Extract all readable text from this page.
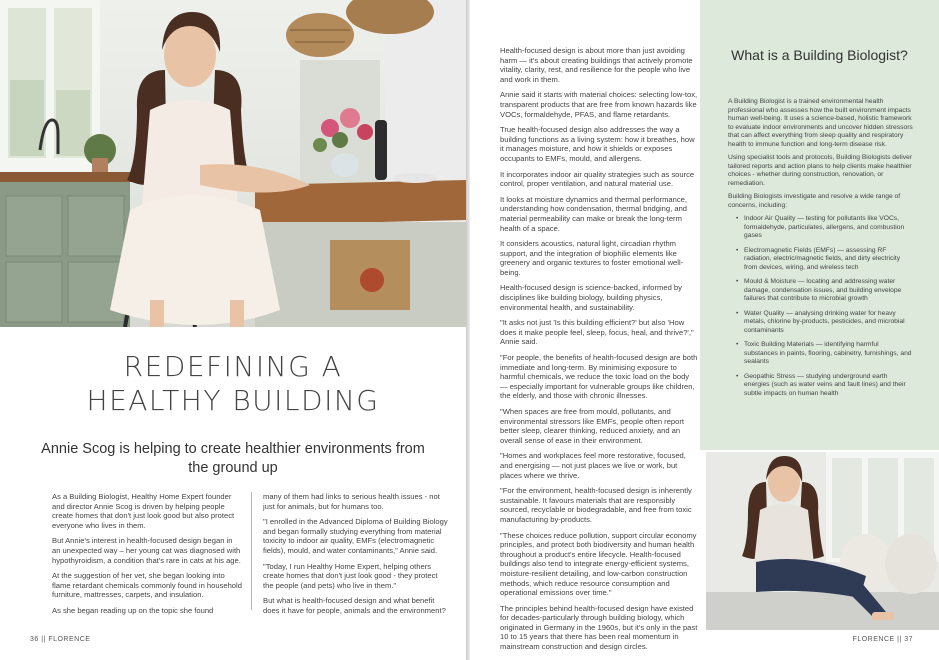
REDEFINING A
HEALTHY BUILDING
Annie Scog is helping to create healthier environments from the ground up

As a Building Biologist, Healthy Home Expert founder and director Annie Scog is driven by helping people create homes that don't just look good but also protect everyone who lives in them.

But Annie's interest in health-focused design began in an unexpected way – her young cat was diagnosed with hypothyroidism, a condition that's rare in cats at his age.

At the suggestion of her vet, she began looking into flame retardant chemicals commonly found in household furniture, mattresses, carpets, and insulation.

As she began reading up on the topic she found

many of them had links to serious health issues - not just for animals, but for humans too.

"I enrolled in the Advanced Diploma of Building Biology and began formally studying everything from material toxicity to indoor air quality, EMFs (electromagnetic fields), mould, and water contaminants," Annie said.

"Today, I run Healthy Home Expert, helping others create homes that don't just look good - they protect the people (and pets) who live in them."

But what is health-focused design and what benefit does it have for people, animals and the environment?

36 || FLORENCE

Health-focused design is about more than just avoiding harm — it's about creating buildings that actively promote vitality, clarity, rest, and resilience for the people who live and work in them.

Annie said it starts with material choices: selecting low-tox, transparent products that are free from known hazards like VOCs, formaldehyde, PFAS, and flame retardants.

True health-focused design also addresses the way a building functions as a living system: how it breathes, how it manages moisture, and how it shields or exposes occupants to EMFs, mould, and allergens.

It incorporates indoor air quality strategies such as source control, proper ventilation, and natural material use.

It looks at moisture dynamics and thermal performance, understanding how condensation, thermal bridging, and material permeability can make or break the long-term health of a space.

It considers acoustics, natural light, circadian rhythm support, and the integration of biophilic elements like greenery and organic textures to foster emotional well-being.

Health-focused design is science-backed, informed by disciplines like building biology, building physics, environmental health, and sustainability.

"It asks not just 'Is this building efficient?' but also 'How does it make people feel, sleep, focus, heal, and thrive?'," Annie said.

"For people, the benefits of health-focused design are both immediate and long-term. By minimising exposure to harmful chemicals, we reduce the toxic load on the body — especially important for vulnerable groups like children, the elderly, and those with chronic illnesses.

"When spaces are free from mould, pollutants, and environmental stressors like EMFs, people often report better sleep, clearer thinking, reduced anxiety, and an overall sense of ease in their environment.

"Homes and workplaces feel more restorative, focused, and energising — not just places we live or work, but places where we thrive.

"For the environment, health-focused design is inherently sustainable. It favours materials that are responsibly sourced, recyclable or biodegradable, and free from toxic manufacturing by-products.

"These choices reduce pollution, support circular economy principles, and protect both biodiversity and human health throughout a product's entire lifecycle. Health-focused buildings also tend to integrate energy-efficient systems, moisture-resilient detailing, and low-carbon construction methods, which reduce resource consumption and operational emissions over time."

The principles behind health-focused design have existed for decades-particularly through building biology, which originated in Germany in the 1960s, but it's only in the past 10 to 15 years that there has been real momentum in mainstream construction and design circles.

What is a Building Biologist?

A Building Biologist is a trained environmental health professional who assesses how the built environment impacts human well-being. It uses a science-based, holistic framework to evaluate indoor environments and uncover hidden stressors that can affect everything from sleep quality and respiratory health to immune function and long-term disease risk.

Using specialist tools and protocols, Building Biologists deliver tailored reports and action plans to help clients make healthier choices - whether during construction, renovation, or remediation.

Building Biologists investigate and resolve a wide range of concerns, including:

• Indoor Air Quality — testing for pollutants like VOCs, formaldehyde, particulates, allergens, and combustion gases
• Electromagnetic Fields (EMFs) — assessing RF radiation, electric/magnetic fields, and dirty electricity from devices, wiring, and wireless tech
• Mould & Moisture — locating and addressing water damage, condensation issues, and building envelope failures that contribute to microbial growth
• Water Quality — analysing drinking water for heavy metals, chlorine by-products, pesticides, and microbial contaminants
• Toxic Building Materials — identifying harmful substances in paints, flooring, cabinetry, furnishings, and sealants
• Geopathic Stress — studying underground earth energies (such as water veins and fault lines) and their subtle impacts on human health
FLORENCE || 37
